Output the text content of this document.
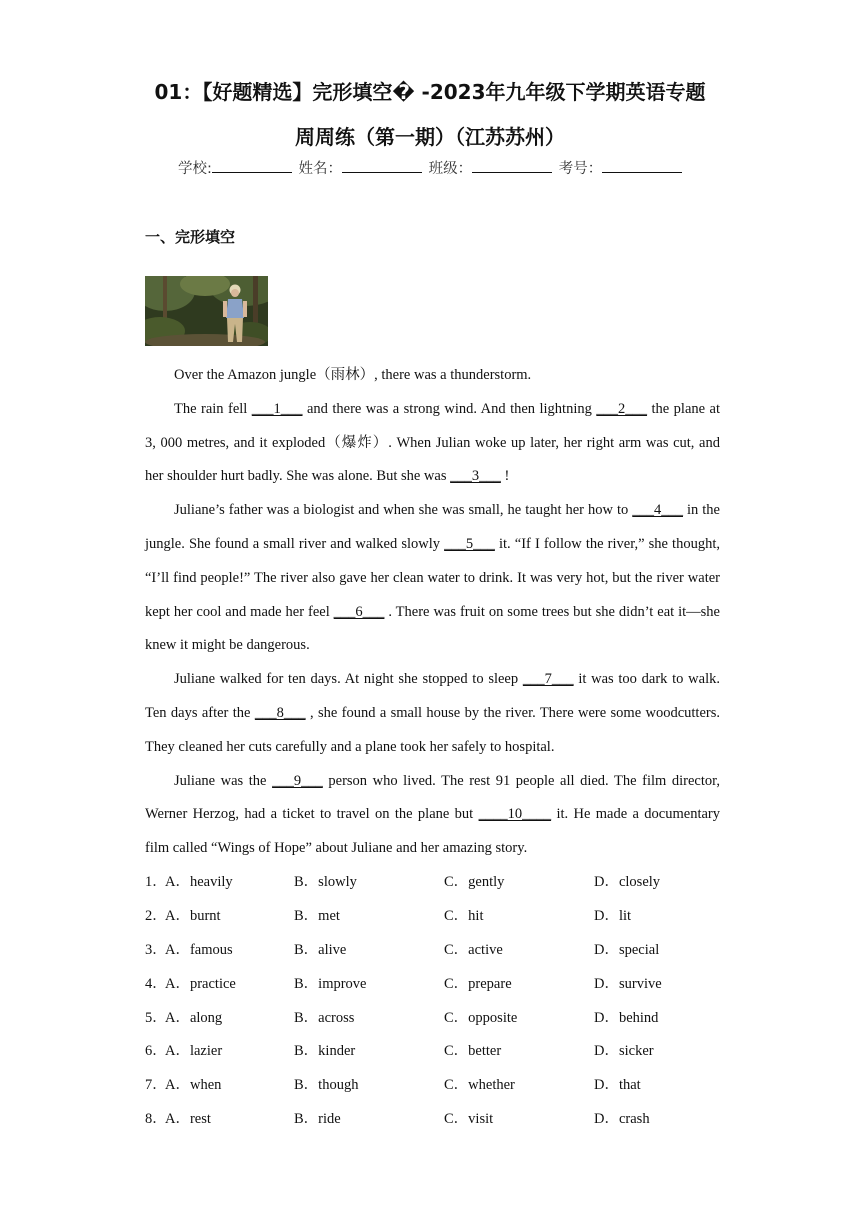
01：【好题精选】完形填空� -2023年九年级下学期英语专题
周周练（第一期）（江苏苏州）
学校:	姓名：	班级：	考号：
一、完形填空

Over the Amazon jungle（雨林）, there was a thunderstorm.

The rain fell ___1___ and there was a strong wind. And then lightning ___2___ the plane at 3, 000 metres, and it exploded（爆炸）. When Julian woke up later, her right arm was cut, and her shoulder hurt badly. She was alone. But she was ___3___ !

Juliane’s father was a biologist and when she was small, he taught her how to ___4___ in the jungle. She found a small river and walked slowly ___5___ it. “If I follow the river,” she thought, “I’ll find people!” The river also gave her clean water to drink. It was very hot, but the river water kept her cool and made her feel ___6___ . There was fruit on some trees but she didn’t eat it—she knew it might be dangerous.

Juliane walked for ten days. At night she stopped to sleep ___7___ it was too dark to walk. Ten days after the ___8___ , she found a small house by the river. There were some woodcutters. They cleaned her cuts carefully and a plane took her safely to hospital.

Juliane was the ___9___ person who lived. The rest 91 people all died. The film director, Werner Herzog, had a ticket to travel on the plane but ____10____ it. He made a documentary film called “Wings of Hope” about Juliane and her amazing story.

1．
A．heavily	B．slowly	C．gently	D．closely
2．
A．burnt	B．met	C．hit	D．lit
3．
A．famous	B．alive	C．active	D．special
4．
A．practice	B．improve	C．prepare	D．survive
5．
A．along	B．across	C．opposite	D．behind
6．
A．lazier	B．kinder	C．better	D．sicker
7．
A．when	B．though	C．whether	D．that
8．
A．rest	B．ride	C．visit	D．crash
